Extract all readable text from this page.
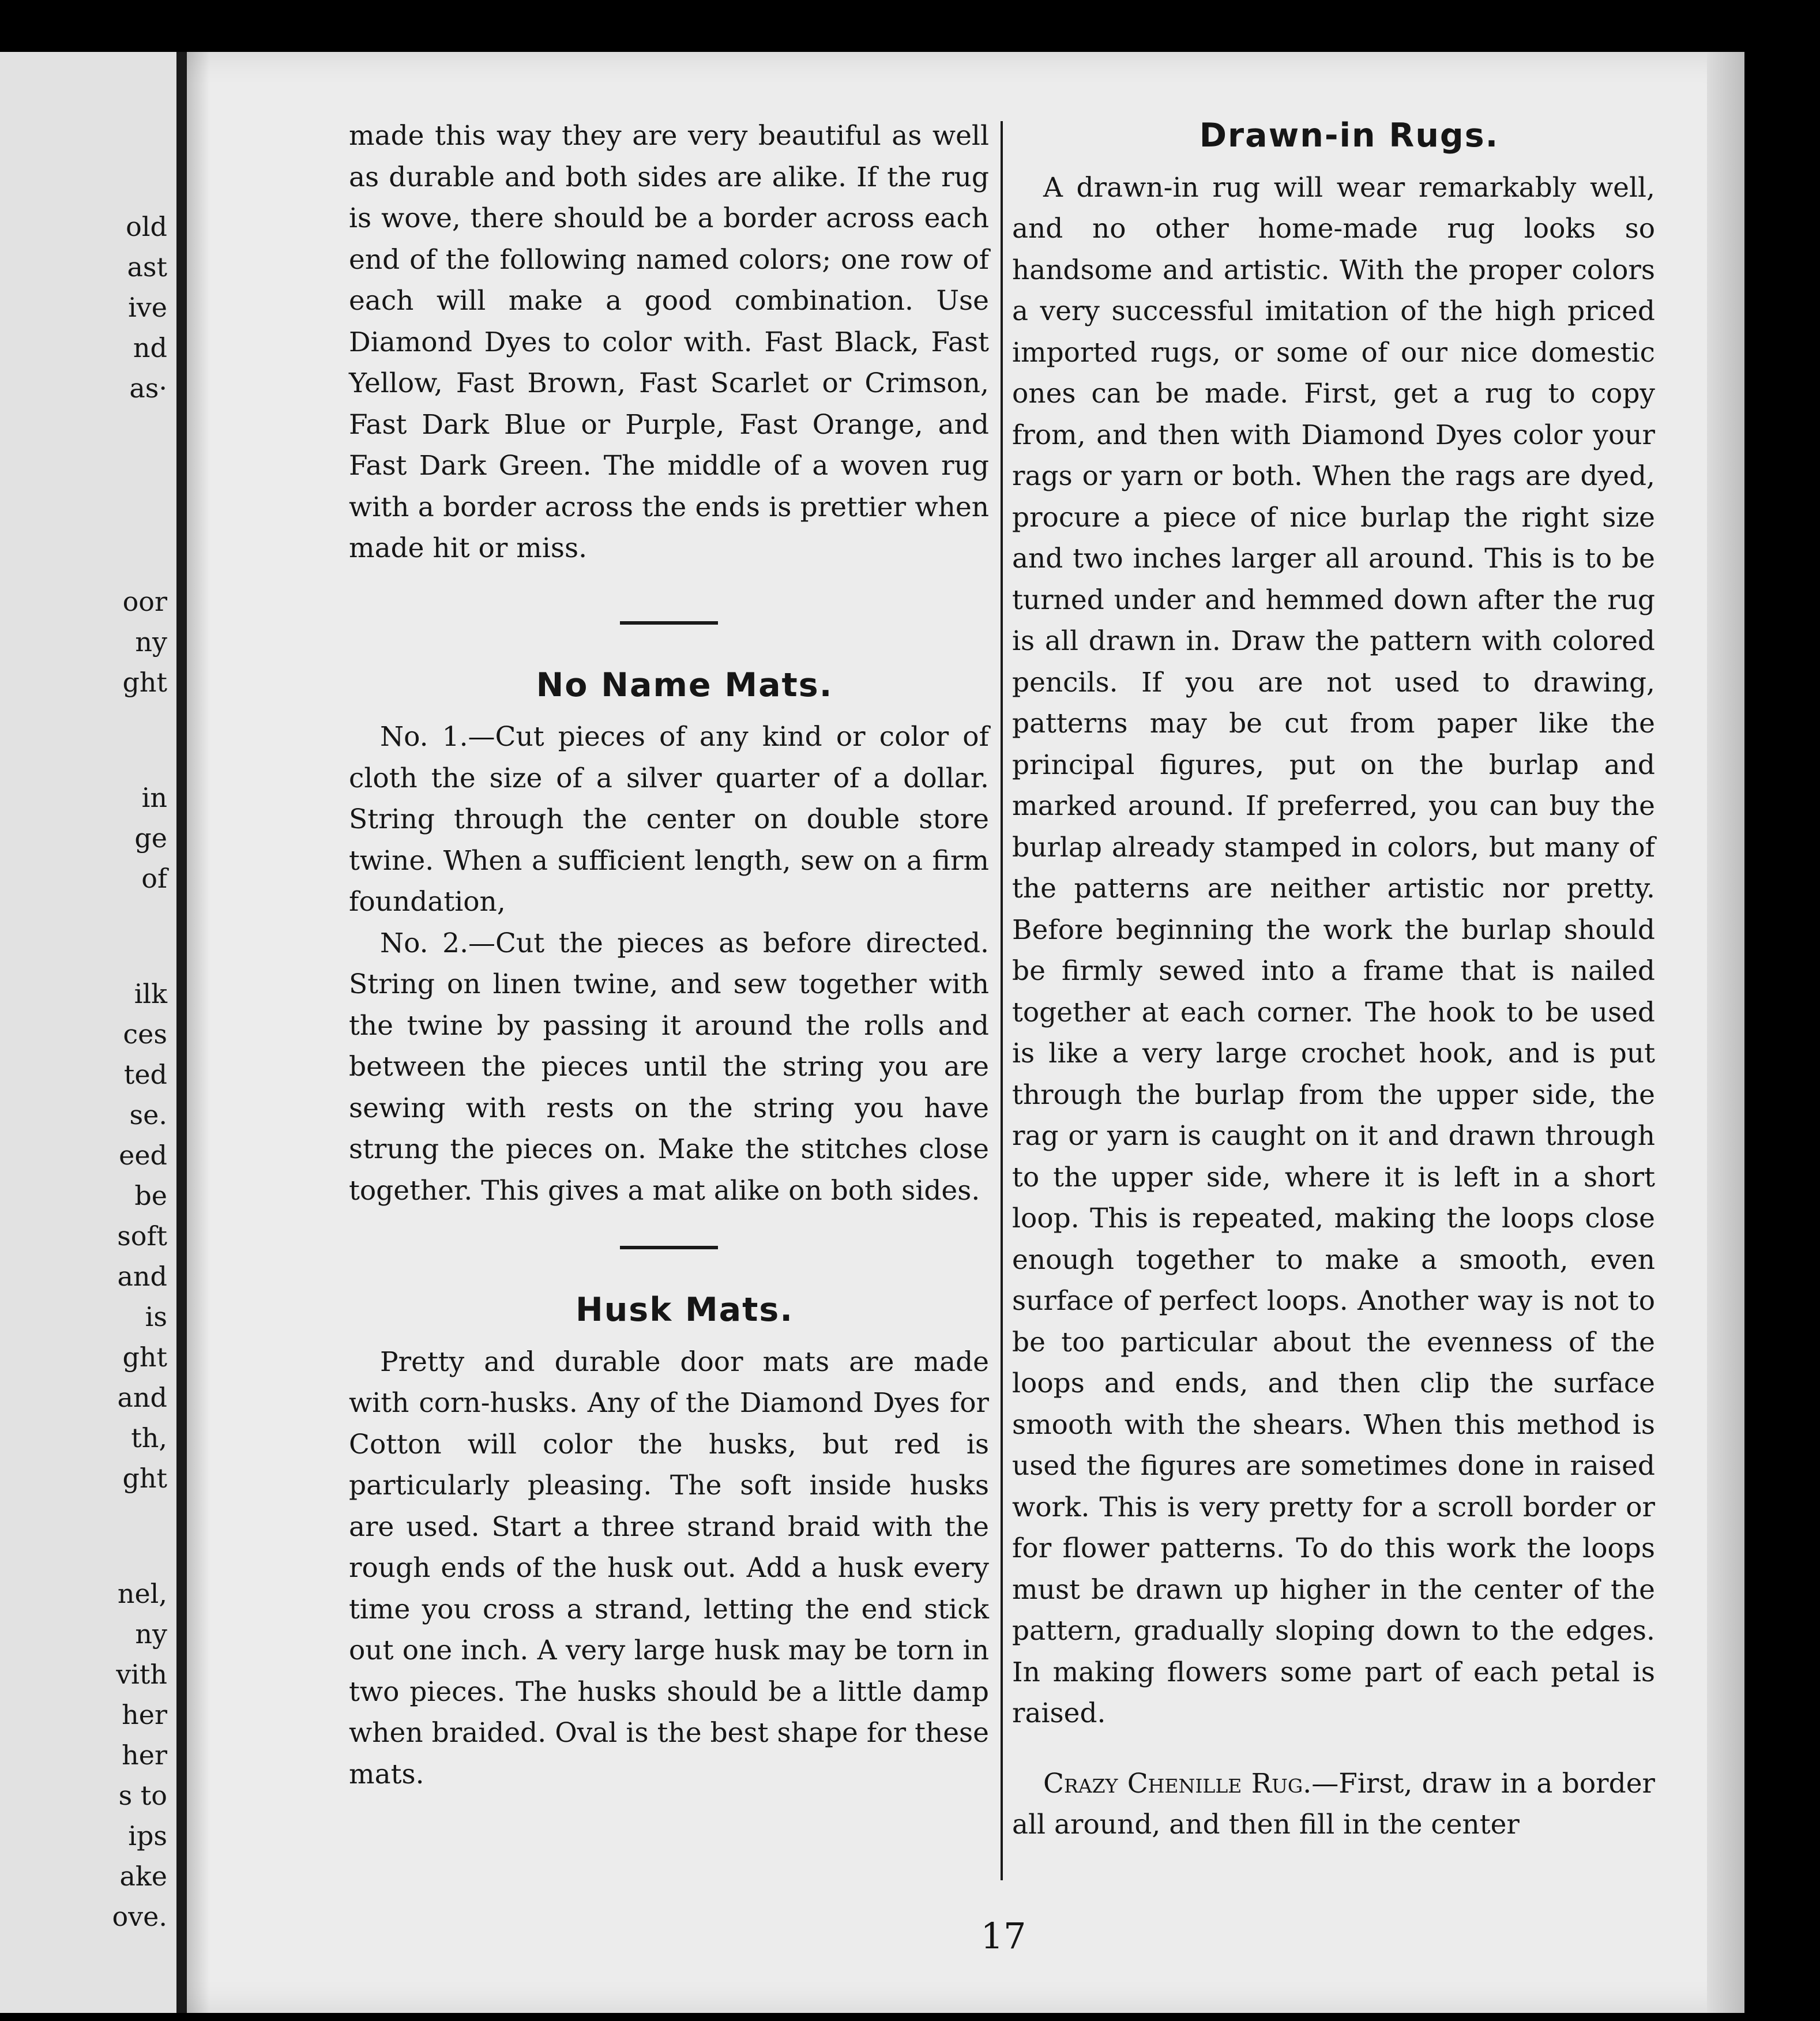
old
ast
ive
nd
as·
oor
ny
ght
in
ge
of
ilk
ces
ted
se.
eed
be
soft
and
is
ght
and
th,
ght
nel,
ny
vith
her
her
s to
ips
ake
ove.

made this way they are very beautiful as well as durable and both sides are alike. If the rug is wove, there should be a border across each end of the following named colors; one row of each will make a good combination. Use Diamond Dyes to color with. Fast Black, Fast Yellow, Fast Brown, Fast Scarlet or Crimson, Fast Dark Blue or Purple, Fast Orange, and Fast Dark Green. The middle of a woven rug with a border across the ends is prettier when made hit or miss.

No Name Mats.

No. 1.—Cut pieces of any kind or color of cloth the size of a silver quarter of a dollar. String through the center on double store twine. When a sufficient length, sew on a firm foundation,

No. 2.—Cut the pieces as before directed. String on linen twine, and sew together with the twine by passing it around the rolls and between the pieces until the string you are sewing with rests on the string you have strung the pieces on. Make the stitches close together. This gives a mat alike on both sides.

Husk Mats.

Pretty and durable door mats are made with corn-husks. Any of the Diamond Dyes for Cotton will color the husks, but red is particularly pleasing. The soft inside husks are used. Start a three strand braid with the rough ends of the husk out. Add a husk every time you cross a strand, letting the end stick out one inch. A very large husk may be torn in two pieces. The husks should be a little damp when braided. Oval is the best shape for these mats.

Drawn-in Rugs.

A drawn-in rug will wear remarkably well, and no other home-made rug looks so handsome and artistic. With the proper colors a very successful imitation of the high priced imported rugs, or some of our nice domestic ones can be made. First, get a rug to copy from, and then with Diamond Dyes color your rags or yarn or both. When the rags are dyed, procure a piece of nice burlap the right size and two inches larger all around. This is to be turned under and hemmed down after the rug is all drawn in. Draw the pattern with colored pencils. If you are not used to drawing, patterns may be cut from paper like the principal figures, put on the burlap and marked around. If preferred, you can buy the burlap already stamped in colors, but many of the patterns are neither artistic nor pretty. Before beginning the work the burlap should be firmly sewed into a frame that is nailed together at each corner. The hook to be used is like a very large crochet hook, and is put through the burlap from the upper side, the rag or yarn is caught on it and drawn through to the upper side, where it is left in a short loop. This is repeated, making the loops close enough together to make a smooth, even surface of perfect loops. Another way is not to be too particular about the evenness of the loops and ends, and then clip the surface smooth with the shears. When this method is used the figures are sometimes done in raised work. This is very pretty for a scroll border or for flower patterns. To do this work the loops must be drawn up higher in the center of the pattern, gradually sloping down to the edges. In making flowers some part of each petal is raised.

Crazy Chenille Rug.—First, draw in a border all around, and then fill in the center

17
